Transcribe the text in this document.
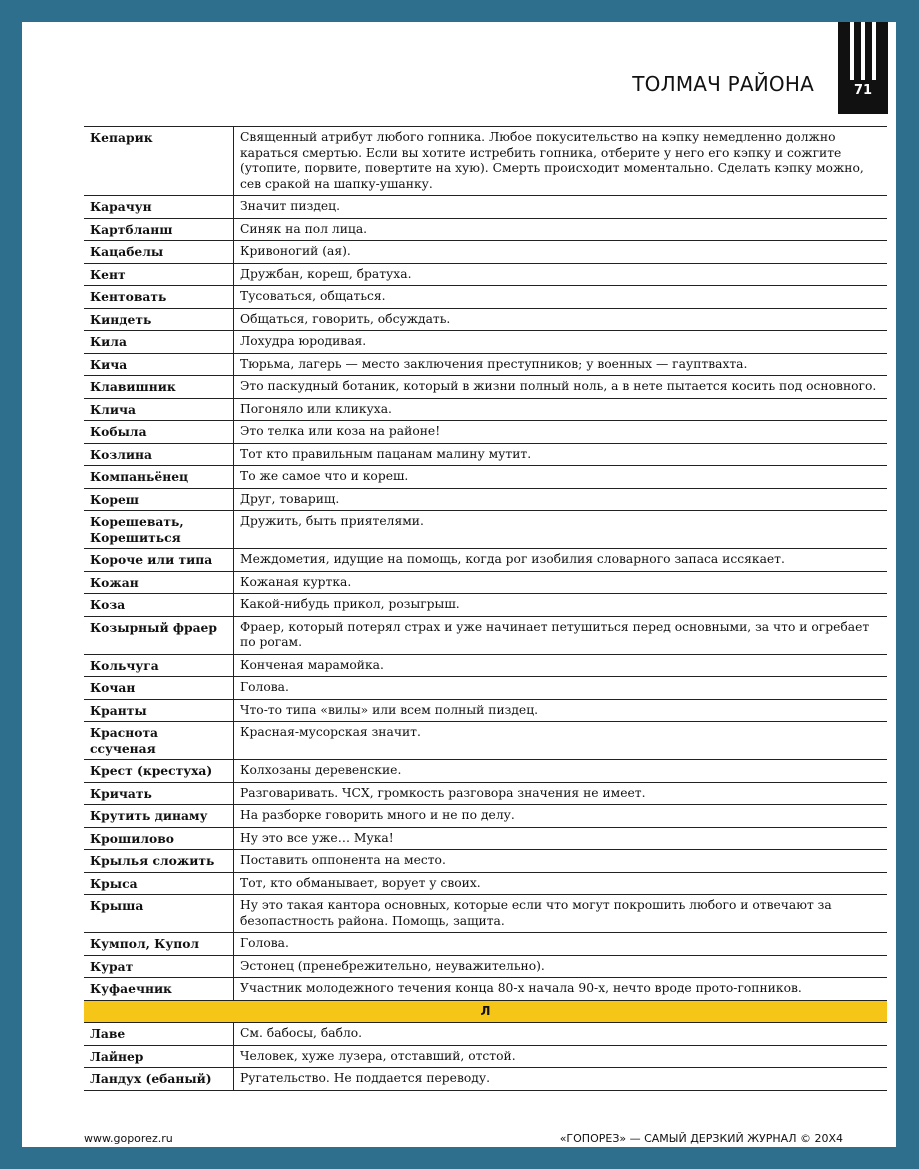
71
ТОЛМАЧ РАЙОНА
Кепарик	Священный атрибут любого гопника. Любое покусительство на кэпку немедленно должно караться смертью. Если вы хотите истребить гопника, отберите у него его кэпку и сожгите (утопите, порвите, повертите на хую). Смерть происходит моментально. Сделать кэпку можно, сев сракой на шапку-ушанку.
Карачун	Значит пиздец.
Картбланш	Синяк на пол лица.
Кацабелы	Кривоногий (ая).
Кент	Дружбан, кореш, братуха.
Кентовать	Тусоваться, общаться.
Киндеть	Общаться, говорить, обсуждать.
Кила	Лохудра юродивая.
Кича	Тюрьма, лагерь — место заключения преступников; у военных — гауптвахта.
Клавишник	Это паскудный ботаник, который в жизни полный ноль, а в нете пытается косить под основного.
Клича	Погоняло или кликуха.
Кобыла	Это телка или коза на районе!
Козлина	Тот кто правильным пацанам малину мутит.
Компаньёнец	То же самое что и кореш.
Кореш	Друг, товарищ.
Корешевать, Корешиться	Дружить, быть приятелями.
Короче или типа	Междометия, идущие на помощь, когда рог изобилия словарного запаса иссякает.
Кожан	Кожаная куртка.
Коза	Какой-нибудь прикол, розыгрыш.
Козырный фраер	Фраер, который потерял страх и уже начинает петушиться перед основными, за что и огребает по рогам.
Кольчуга	Конченая марамойка.
Кочан	Голова.
Кранты	Что-то типа «вилы» или всем полный пиздец.
Краснота ссученая	Красная-мусорская значит.
Крест (крестуха)	Колхозаны деревенские.
Кричать	Разговаривать. ЧСХ, громкость разговора значения не имеет.
Крутить динаму	На разборке говорить много и не по делу.
Крошилово	Ну это все уже… Мука!
Крылья сложить	Поставить оппонента на место.
Крыса	Тот, кто обманывает, ворует у своих.
Крыша	Ну это такая кантора основных, которые если что могут покрошить любого и отвечают за безопастность района. Помощь, защита.
Кумпол, Купол	Голова.
Курат	Эстонец (пренебрежительно, неуважительно).
Куфаечник	Участник молодежного течения конца 80-х начала 90-х, нечто вроде прото-гопников.
Л	
Лаве	См. бабосы, бабло.
Лайнер	Человек, хуже лузера, отставший, отстой.
Ландух (ебаный)	Ругательство. Не поддается переводу.
www.goporez.ru	«ГОПОРЕЗ» — САМЫЙ ДЕРЗКИЙ ЖУРНАЛ © 20Х4
